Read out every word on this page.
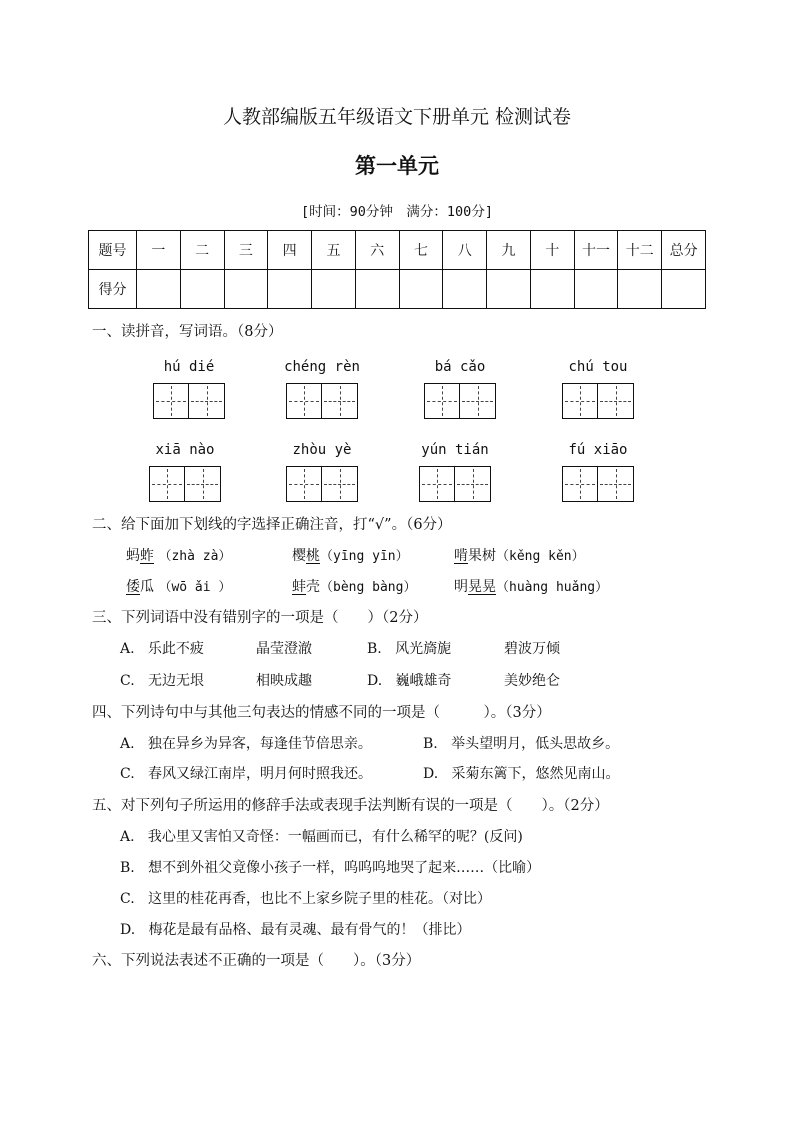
人教部编版五年级语文下册单元 检测试卷
第一单元
[时间：90分钟　满分：100分]
题号	一	二	三	四	五	六	七	八	九	十	十一	十二	总分
得分													
一、读拼音，写词语。（8分）
hú dié	chéng rèn	bá cǎo	chú tou
xiā nào	zhòu yè	yún tián	fú xiāo
二、给下面加下划线的字选择正确注音，打“√”。（6分）
蚂蚱 （zhà zà）	樱桃（yīng yīn）	啃果树（kěng kěn）
倭瓜 （wō ǎi ）	蚌壳（bèng bàng）	明晃晃（huàng huǎng）
三、下列词语中没有错别字的一项是（　　）（2分）
A. 乐此不疲	晶莹澄澈	B. 风光旖旎	碧波万倾
C. 无边无垠	相映成趣	D. 巍峨雄奇	美妙绝仑
四、下列诗句中与其他三句表达的情感不同的一项是（　　　）。（3分）
A. 独在异乡为异客，每逢佳节倍思亲。	B. 举头望明月，低头思故乡。
C. 春风又绿江南岸，明月何时照我还。	D. 采菊东篱下，悠然见南山。
五、对下列句子所运用的修辞手法或表现手法判断有误的一项是（　　）。（2分）
A. 我心里又害怕又奇怪：一幅画而已，有什么稀罕的呢？(反问)
B. 想不到外祖父竟像小孩子一样，呜呜呜地哭了起来……（比喻）
C. 这里的桂花再香，也比不上家乡院子里的桂花。（对比）
D. 梅花是最有品格、最有灵魂、最有骨气的！（排比）
六、下列说法表述不正确的一项是（　　）。（3分）
